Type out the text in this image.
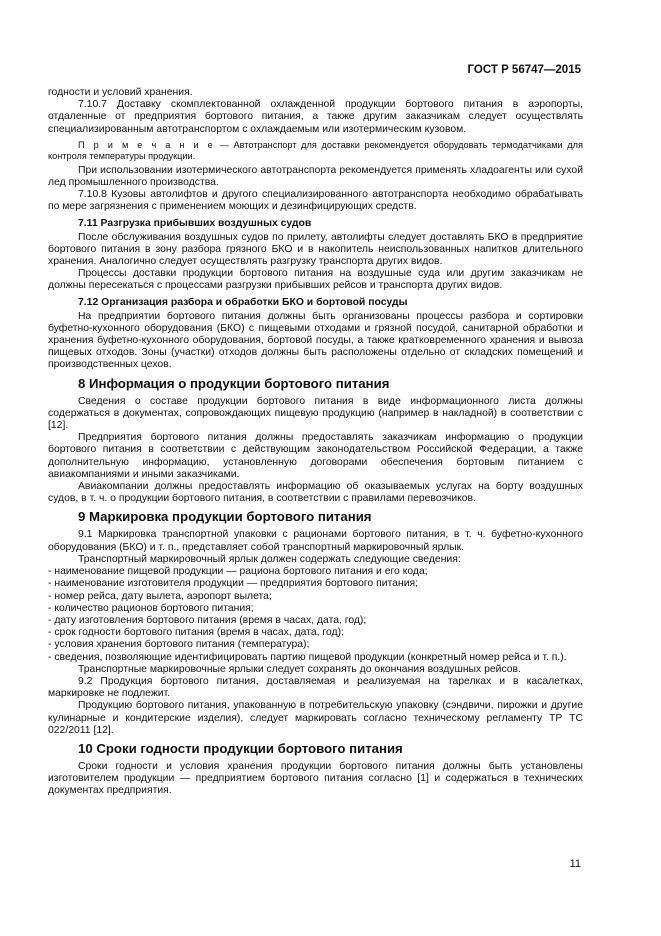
ГОСТ Р 56747—2015

годности и условий хранения.

7.10.7 Доставку скомплектованной охлажденной продукции бортового питания в аэропорты, отдаленные от предприятия бортового питания, а также другим заказчикам следует осуществлять специализированным автотранспортом с охлаждаемым или изотермическим кузовом.

П р и м е ч а н и е — Автотранспорт для доставки рекомендуется оборудовать термодатчиками для контроля температуры продукции.

При использовании изотермического автотранспорта рекомендуется применять хладоагенты или сухой лед промышленного производства.

7.10.8 Кузовы автолифтов и другого специализированного автотранспорта необходимо обрабатывать по мере загрязнения с применением моющих и дезинфицирующих средств.

7.11 Разгрузка прибывших воздушных судов

После обслуживания воздушных судов по прилету, автолифты следует доставлять БКО в предприятие бортового питания в зону разбора грязного БКО и в накопитель неиспользованных напитков длительного хранения. Аналогично следует осуществлять разгрузку транспорта других видов.

Процессы доставки продукции бортового питания на воздушные суда или другим заказчикам не должны пересекаться с процессами разгрузки прибывших рейсов и транспорта других видов.

7.12 Организация разбора и обработки БКО и бортовой посуды

На предприятии бортового питания должны быть организованы процессы разбора и сортировки буфетно-кухонного оборудования (БКО) с пищевыми отходами и грязной посудой, санитарной обработки и хранения буфетно-кухонного оборудования, бортовой посуды, а также кратковременного хранения и вывоза пищевых отходов. Зоны (участки) отходов должны быть расположены отдельно от складских помещений и производственных цехов.

8 Информация о продукции бортового питания

Сведения о составе продукции бортового питания в виде информационного листа должны содержаться в документах, сопровождающих пищевую продукцию (например в накладной) в соответствии с [12].

Предприятия бортового питания должны предоставлять заказчикам информацию о продукции бортового питания в соответствии с действующим законодательством Российской Федерации, а также дополнительную информацию, установленную договорами обеспечения бортовым питанием с авиакомпаниями и иными заказчиками.

Авиакомпании должны предоставлять информацию об оказываемых услугах на борту воздушных судов, в т. ч. о продукции бортового питания, в соответствии с правилами перевозчиков.

9 Маркировка продукции бортового питания

9.1 Маркировка транспортной упаковки с рационами бортового питания, в т. ч. буфетно-кухонного оборудования (БКО) и т. п., представляет собой транспортный маркировочный ярлык.

Транспортный маркировочный ярлык должен содержать следующие сведения:

- наименование пищевой продукции — рациона бортового питания и его кода;

- наименование изготовителя продукции — предприятия бортового питания;

- номер рейса, дату вылета, аэропорт вылета;

- количество рационов бортового питания;

- дату изготовления бортового питания (время в часах, дата, год);

- срок годности бортового питания (время в часах, дата, год);

- условия хранения бортового питания (температура);

- сведения, позволяющие идентифицировать партию пищевой продукции (конкретный номер рейса и т. п.).

Транспортные маркировочные ярлыки следует сохранять до окончания воздушных рейсов.

9.2 Продукция бортового питания, доставляемая и реализуемая на тарелках и в касалетках, маркировке не подлежит.

Продукцию бортового питания, упакованную в потребительскую упаковку (сэндвичи, пирожки и другие кулинарные и кондитерские изделия), следует маркировать согласно техническому регламенту ТР ТС 022/2011 [12].

10 Сроки годности продукции бортового питания

Сроки годности и условия хранения продукции бортового питания должны быть установлены изготовителем продукции — предприятием бортового питания согласно [1] и содержаться в технических документах предприятия.

11
